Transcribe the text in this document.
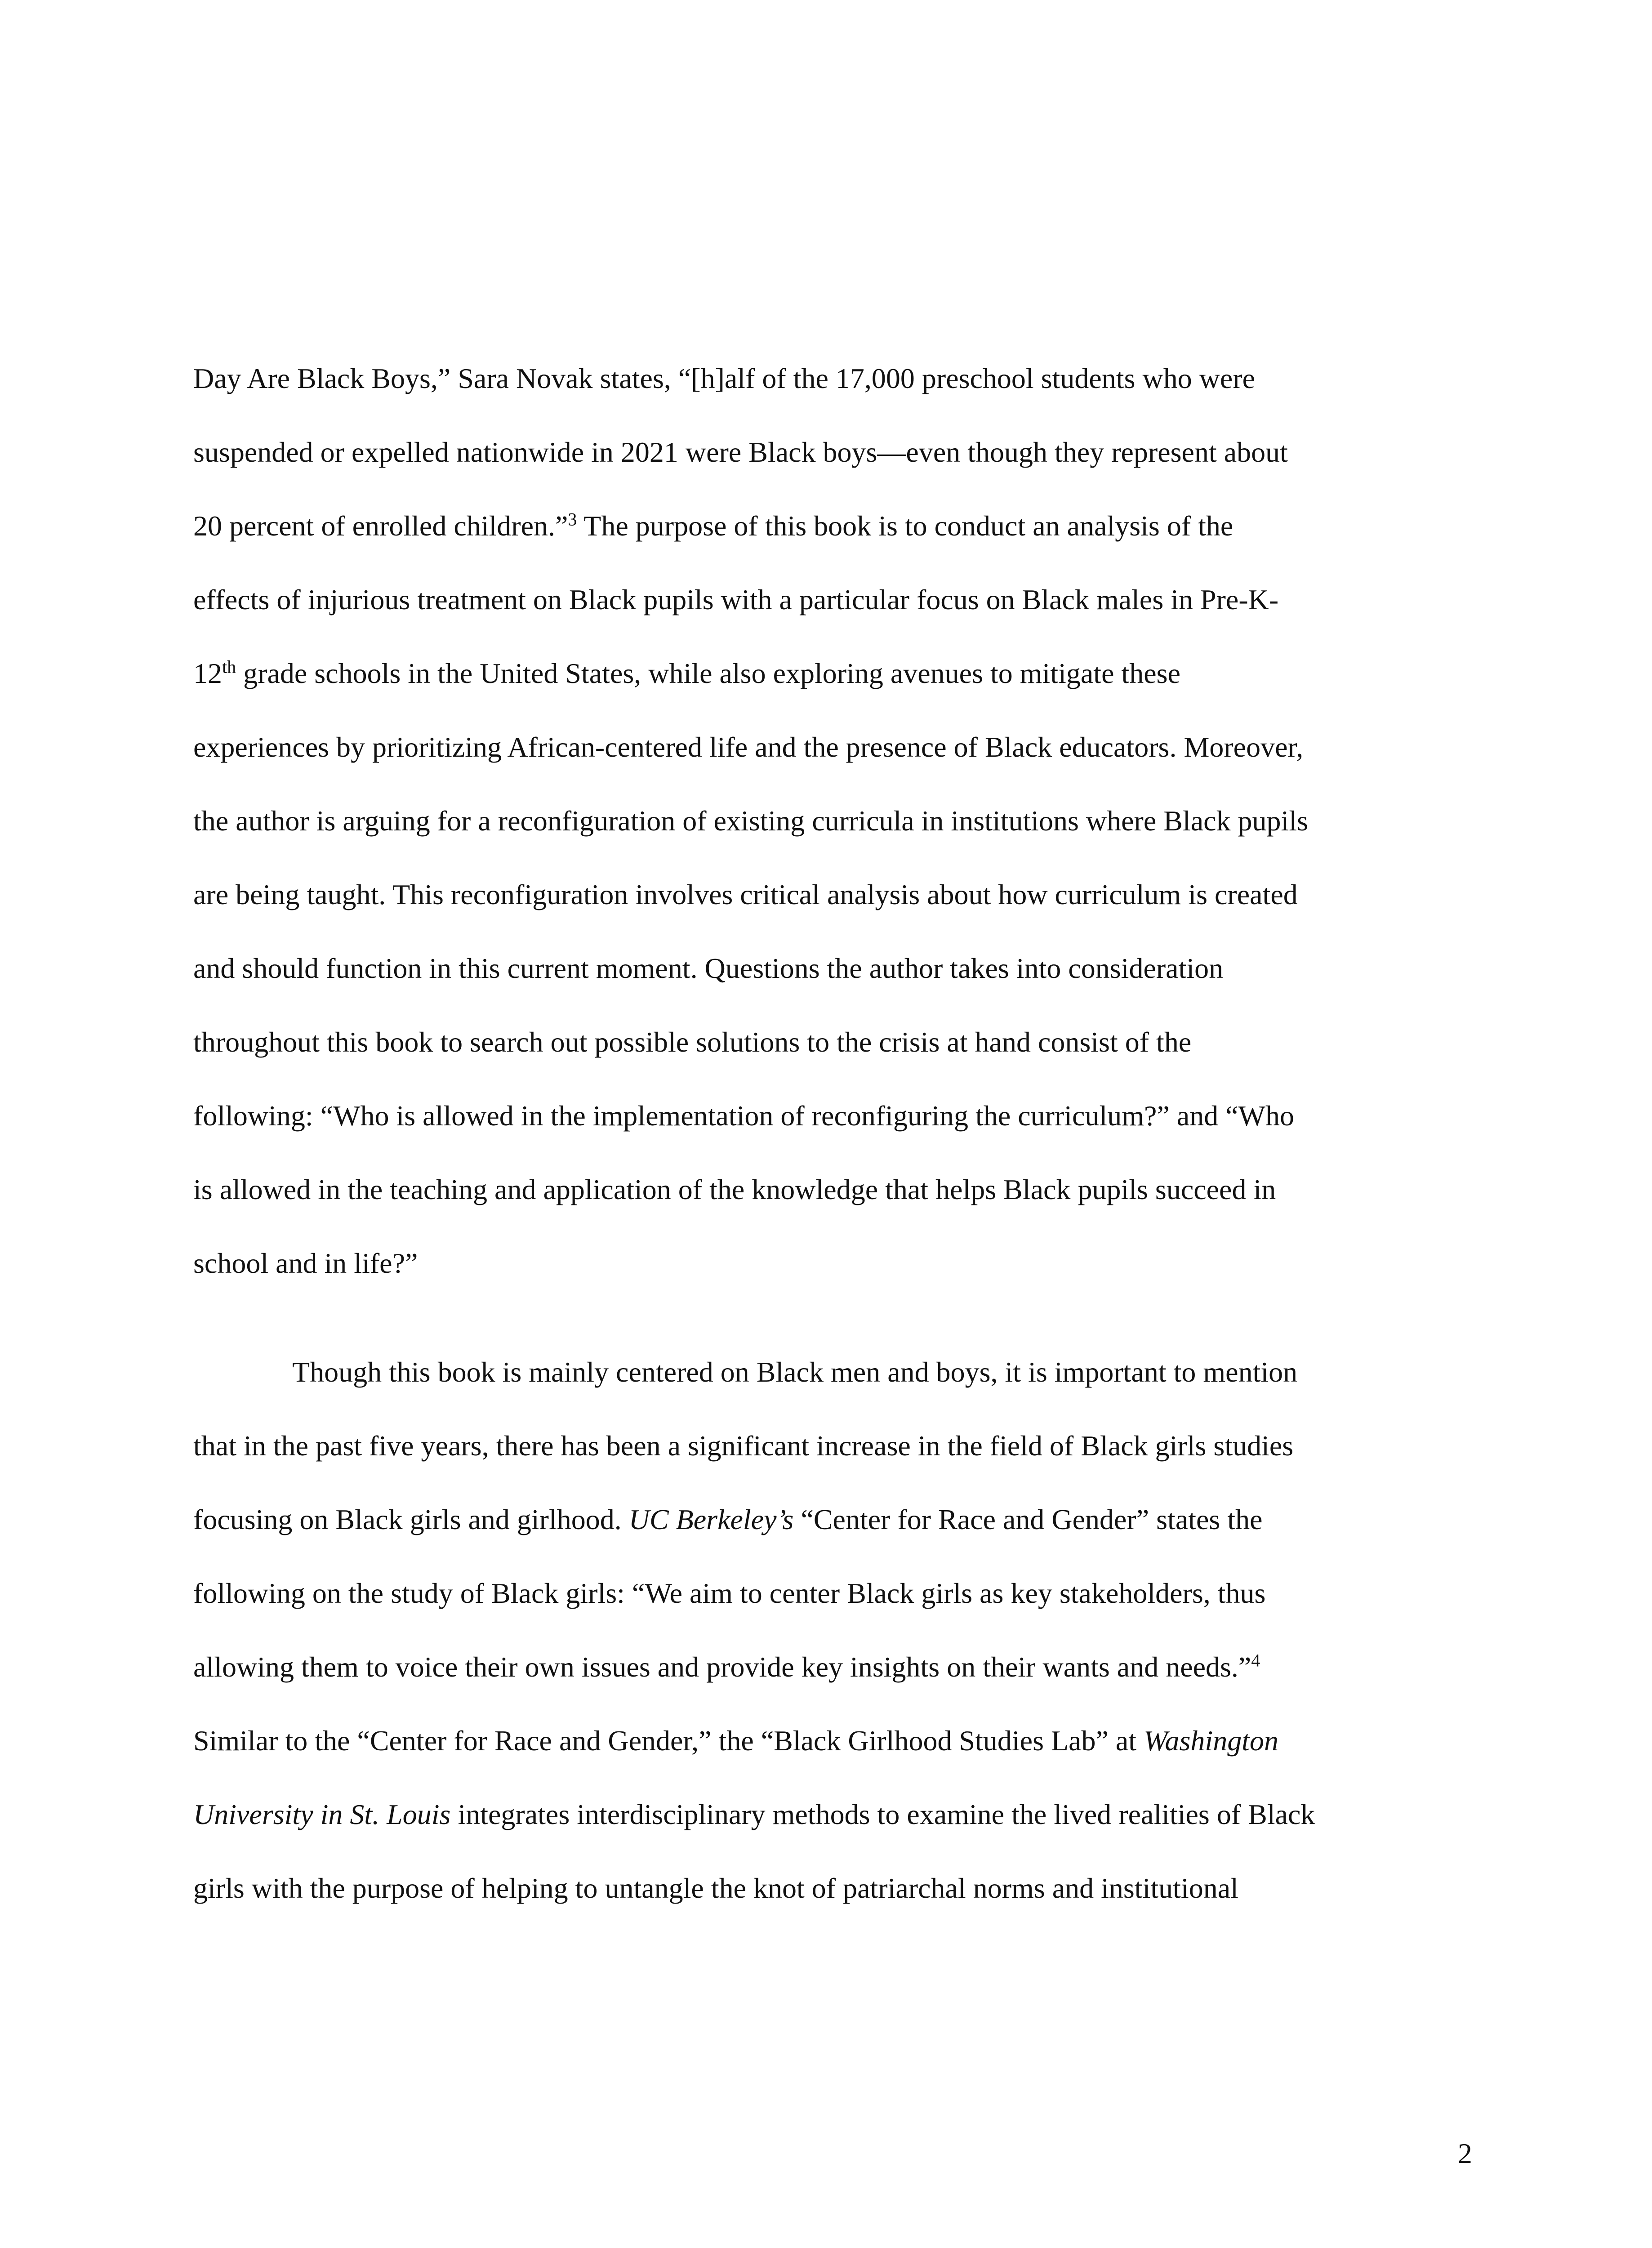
Day Are Black Boys,” Sara Novak states, “[h]alf of the 17,000 preschool students who were
suspended or expelled nationwide in 2021 were Black boys—even though they represent about
20 percent of enrolled children.”$^3$ The purpose of this book is to conduct an analysis of the
effects of injurious treatment on Black pupils with a particular focus on Black males in Pre-K-
12th grade schools in the United States, while also exploring avenues to mitigate these
experiences by prioritizing African-centered life and the presence of Black educators. Moreover,
the author is arguing for a reconfiguration of existing curricula in institutions where Black pupils
are being taught. This reconfiguration involves critical analysis about how curriculum is created
and should function in this current moment. Questions the author takes into consideration
throughout this book to search out possible solutions to the crisis at hand consist of the
following: “Who is allowed in the implementation of reconfiguring the curriculum?” and “Who
is allowed in the teaching and application of the knowledge that helps Black pupils succeed in
school and in life?”
Though this book is mainly centered on Black men and boys, it is important to mention
that in the past five years, there has been a significant increase in the field of Black girls studies
focusing on Black girls and girlhood. UC Berkeley’s “Center for Race and Gender” states the
following on the study of Black girls: “We aim to center Black girls as key stakeholders, thus
allowing them to voice their own issues and provide key insights on their wants and needs.”$^4$
Similar to the “Center for Race and Gender,” the “Black Girlhood Studies Lab” at Washington
University in St. Louis integrates interdisciplinary methods to examine the lived realities of Black
girls with the purpose of helping to untangle the knot of patriarchal norms and institutional
2
